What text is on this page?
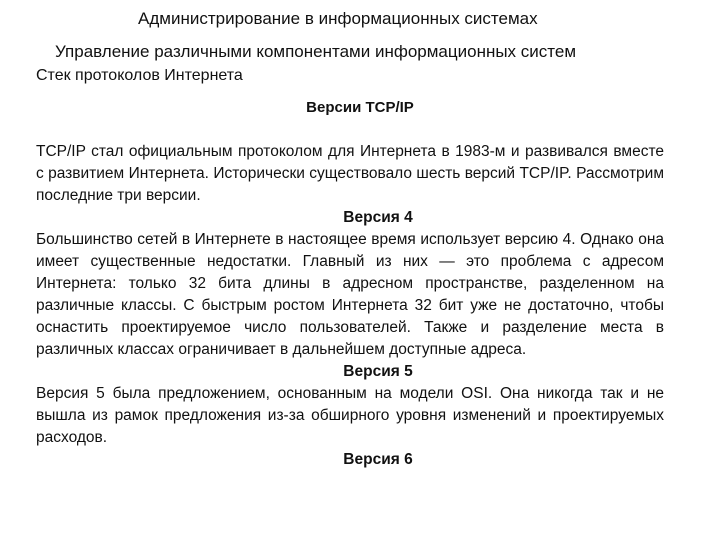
Администрирование в информационных системах
Управление различными компонентами информационных систем
Стек протоколов Интернета
Версии TCP/IP

TCP/IP стал официальным протоколом для Интернета в 1983-м и развивался вместе с развитием Интернета. Исторически существовало шесть версий TCP/IP. Рассмотрим последние три версии.

Версия 4

Большинство сетей в Интернете в настоящее время использует версию 4. Однако она имеет существенные недостатки. Главный из них — это проблема с адресом Интернета: только 32 бита длины в адресном пространстве, разделенном на различные классы. С быстрым ростом Интернета 32 бит уже не достаточно, чтобы оснастить проектируемое число пользователей. Также и разделение места в различных классах ограничивает в дальнейшем доступные адреса.

Версия 5

Версия 5 была предложением, основанным на модели OSI. Она никогда так и не вышла из рамок предложения из-за обширного уровня изменений и проектируемых расходов.

Версия 6
